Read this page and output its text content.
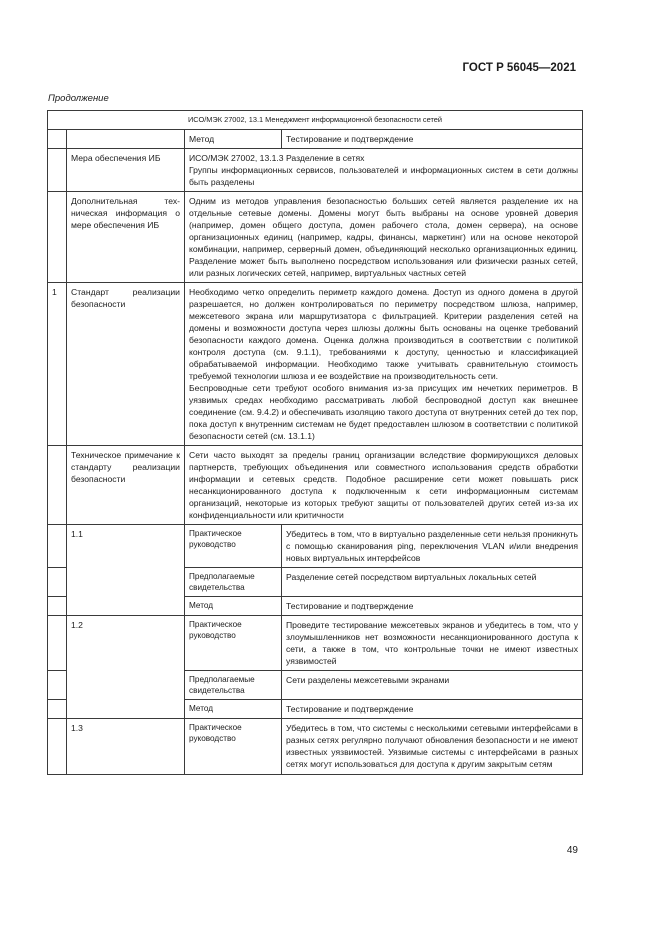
ГОСТ Р 56045—2021
Продолжение
ИСО/МЭК 27002, 13.1 Менеджмент информационной безопасности сетей			
		Метод	Тестирование и подтверждение
	Мера обеспечения ИБ	ИСО/МЭК 27002, 13.1.3 Разделение в сетях
Группы информационных сервисов, пользователей и информационных систем в сети должны быть разделены	

	Дополнительная техническая информация о мере обеспечения ИБ	Одним из методов управления безопасностью больших сетей является разделение их на отдельные сетевые домены. Домены могут быть выбраны на основе уровней доверия (например, домен общего доступа, домен рабочего стола, домен сервера), на основе организационных единиц (например, кадры, финансы, маркетинг) или на основе некоторой комбинации, например, серверный домен, объединяющий несколько организационных единиц. Разделение может быть выполнено посредством использования или физически разных сетей, или разных логических сетей, например, виртуальных частных сетей	
1	Стандарт реализации безопасности	Необходимо четко определить периметр каждого домена. Доступ из одного домена в другой разрешается, но должен контролироваться по периметру посредством шлюза, например, межсетевого экрана или маршрутизатора с фильтрацией. Критерии разделения сетей на домены и возможности доступа через шлюзы должны быть основаны на оценке требований безопасности каждого домена. Оценка должна производиться в соответствии с политикой контроля доступа (см. 9.1.1), требованиями к доступу, ценностью и классификацией обрабатываемой информации. Необходимо также учитывать сравнительную стоимость требуемой технологии шлюза и ее воздействие на производительность сети.
Беспроводные сети требуют особого внимания из-за присущих им нечетких периметров. В уязвимых средах необходимо рассматривать любой беспроводной доступ как внешнее соединение (см. 9.4.2) и обеспечивать изоляцию такого доступа от внутренних сетей до тех пор, пока доступ к внутренним системам не будет предоставлен шлюзом в соответствии с политикой безопасности сетей (см. 13.1.1)	

	Техническое примечание к стандарту реализации безопасности	Сети часто выходят за пределы границ организации вследствие формирующихся деловых партнерств, требующих объединения или совместного использования средств обработки информации и сетевых средств. Подобное расширение сети может повышать риск несанкционированного доступа к подключенным к сети информационным системам организаций, некоторые из которых требуют защиты от пользователей других сетей из-за их конфиденциальности или критичности	
	1.1	Практическое руководство	Убедитесь в том, что в виртуально разделенные сети нельзя проникнуть с помощью сканирования ping, переключения VLAN и/или внедрения новых виртуальных интерфейсов
		Предполагаемые свидетельства	Разделение сетей посредством виртуальных локальных сетей
		Метод	Тестирование и подтверждение
	1.2	Практическое руководство	Проведите тестирование межсетевых экранов и убедитесь в том, что у злоумышленников нет возможности несанкционированного доступа к сети, а также в том, что контрольные точки не имеют известных уязвимостей
		Предполагаемые свидетельства	Сети разделены межсетевыми экранами
		Метод	Тестирование и подтверждение
	1.3	Практическое руководство	Убедитесь в том, что системы с несколькими сетевыми интерфейсами в разных сетях регулярно получают обновления безопасности и не имеют известных уязвимостей. Уязвимые системы с интерфейсами в разных сетях могут использоваться для доступа к другим закрытым сетям
49
